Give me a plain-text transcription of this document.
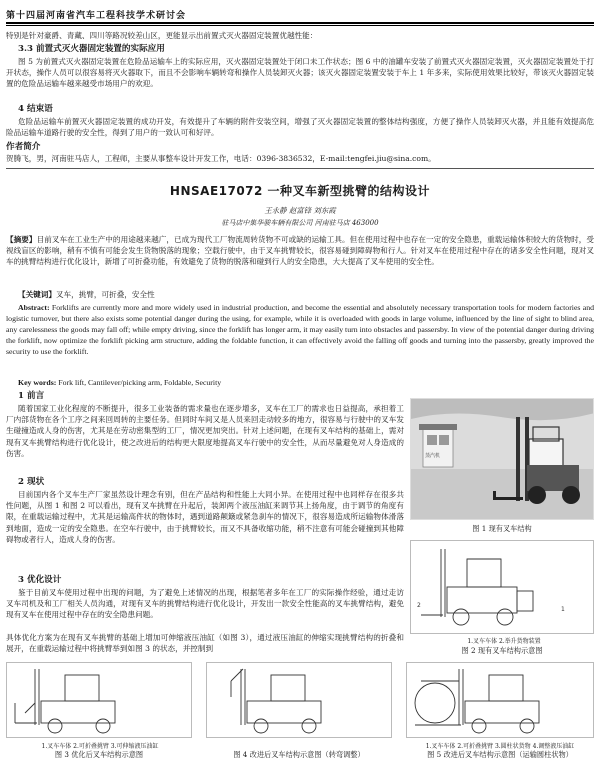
第十四届河南省汽车工程科技学术研讨会
特别是针对豪爵、青藏、四川等路况较差山区，更能显示出前置式灭火器固定装置优越性能：
3.3 前置式灭火器固定装置的实际应用
图 5 为前置式灭火器固定装置在危险品运输车上的实际应用，灭火器固定装置处于闭口未工作状态；图 6 中的油罐车安装了前置式灭火器固定装置，灭火器固定装置处于打开状态，操作人员可以很容易将灭火器取下，而且不会影响车辆转弯和操作人员装卸灭火器；该灭火器固定装置安装于车上 1 年多来，实际使用效果比较好，带该灭火器固定装置的危险品运输车越来越受市场用户的欢迎。
4 结束语
危险品运输车前置灭火器固定装置的成功开发，有效提升了车辆的附件安装空间，增强了灭火器固定装置的整体结构强度，方便了操作人员装卸灭火器，并且能有效提高危险品运输车道路行驶的安全性，得到了用户的一致认可和好评。
作者简介
贺腾飞，男，河南驻马店人，工程师，主要从事整车设计开发工作，电话：0396-3836532，E-mail:tengfei.jiu@sina.com。
HNSAE17072 一种叉车新型挑臂的结构设计
王永静 赵富锋 刘东霞
驻马店中集华骏车辆有限公司 河南驻马店 463000
【摘要】目前叉车在工业生产中的用途越来越广，已成为现代工厂物流周转货物不可或缺的运输工具。但在使用过程中也存在一定的安全隐患，重载运输体积较大的货物时，受视线盲区的影响，稍有不慎有可能会发生货物脱落的现象；空载行驶中，由于叉车挑臂较长，很容易碰到障碍物和行人。针对叉车在使用过程中存在的诸多安全性问题，现对叉车的挑臂结构进行优化设计，新增了可折叠功能，有效避免了货物的脱落和碰到行人的安全隐患，大大提高了叉车使用的安全性。
【关键词】叉车，挑臂，可折叠，安全性
Abstract: Forklifts are currently more and more widely used in industrial production, and become the essential and absolutely necessary transportation tools for modern factories and logistic turnover, but there also exists some potential danger during the using, for example, while it is overloaded with goods in large volume, influenced by the line of sight to blind area, any carelessness the goods may fall off; while empty driving, since the forklift has longer arm, it may easily turn into obstacles and passersby. In view of the potential danger during driving the forklift, now optimize the forklift picking arm structure, adding the foldable function, it can effectively avoid the falling off goods and turning into the passersby, greatly improved the security to use the forklift.
Key words: Fork lift, Cantilever/picking arm, Foldable, Security
1 前言
随着国家工业化程度的不断提升，很多工业装备的需求量也在逐步增多，叉车在工厂的需求也日益提高，承担着工厂内部货物在各个工序之间来回周转的主要任务。但同时车间又是人员来回走动较多的地方，很容易与行驶中的叉车发生碰撞造成人身的伤害，尤其是在劳动密集型的工厂，情况更加突出。针对上述问题，在现有叉车结构的基础上，需对现有叉车挑臂结构进行优化设计，使之改进后的结构更大限度地提高叉车行驶中的安全性，从而尽量避免对人身造成的伤害。
2 现状
目前国内各个叉车生产厂家虽然设计理念有别，但在产品结构和性能上大同小异。在使用过程中也同样存在很多共性问题，从图 1 和图 2 可以看出，现有叉车挑臂在升起后，装卸两个液压油缸来调节其上扬角度，由于调节的角度有限，在重载运输过程中，尤其是运输高件状的物体时，遇到道路颠簸或紧急刹车的情况下，很容易造成所运输物体滑落到地面，造成一定的安全隐患。在空车行驶中，由于挑臂较长，而又不具备收缩功能，稍不注意有可能会碰撞到其他障碍物或者行人，造成人身的伤害。
3 优化设计
鉴于目前叉车使用过程中出现的问题，为了避免上述情况的出现，根据笔者多年在工厂的实际操作经验，通过走访叉车司机及和工厂相关人员沟通，对现有叉车的挑臂结构进行优化设计，开发出一款安全性能高的叉车挑臂结构，避免现有叉车在使用过程中存在的安全隐患问题。
具体优化方案为在现有叉车挑臂的基础上增加可伸缩液压油缸（如图 3），通过液压油缸的伸缩实现挑臂结构的折叠和展开，在重载运输过程中将挑臂举到如图 3 的状态，并控制到
蒸汽机
图 1 现有叉车结构
1
2
1.叉车车体 2.举升货物装置
图 2 现有叉车结构示意图
1.叉车车体 2.可折叠挑臂 3.可伸缩液压油缸
图 3 优化后叉车结构示意图	图 4 改进后叉车结构示意图（转弯调整）
1.叉车车体 2.可折叠挑臂 3.圆柱状货物 4.调整液压油缸
图 5 改进后叉车结构示意图（运输圆柱状物）
